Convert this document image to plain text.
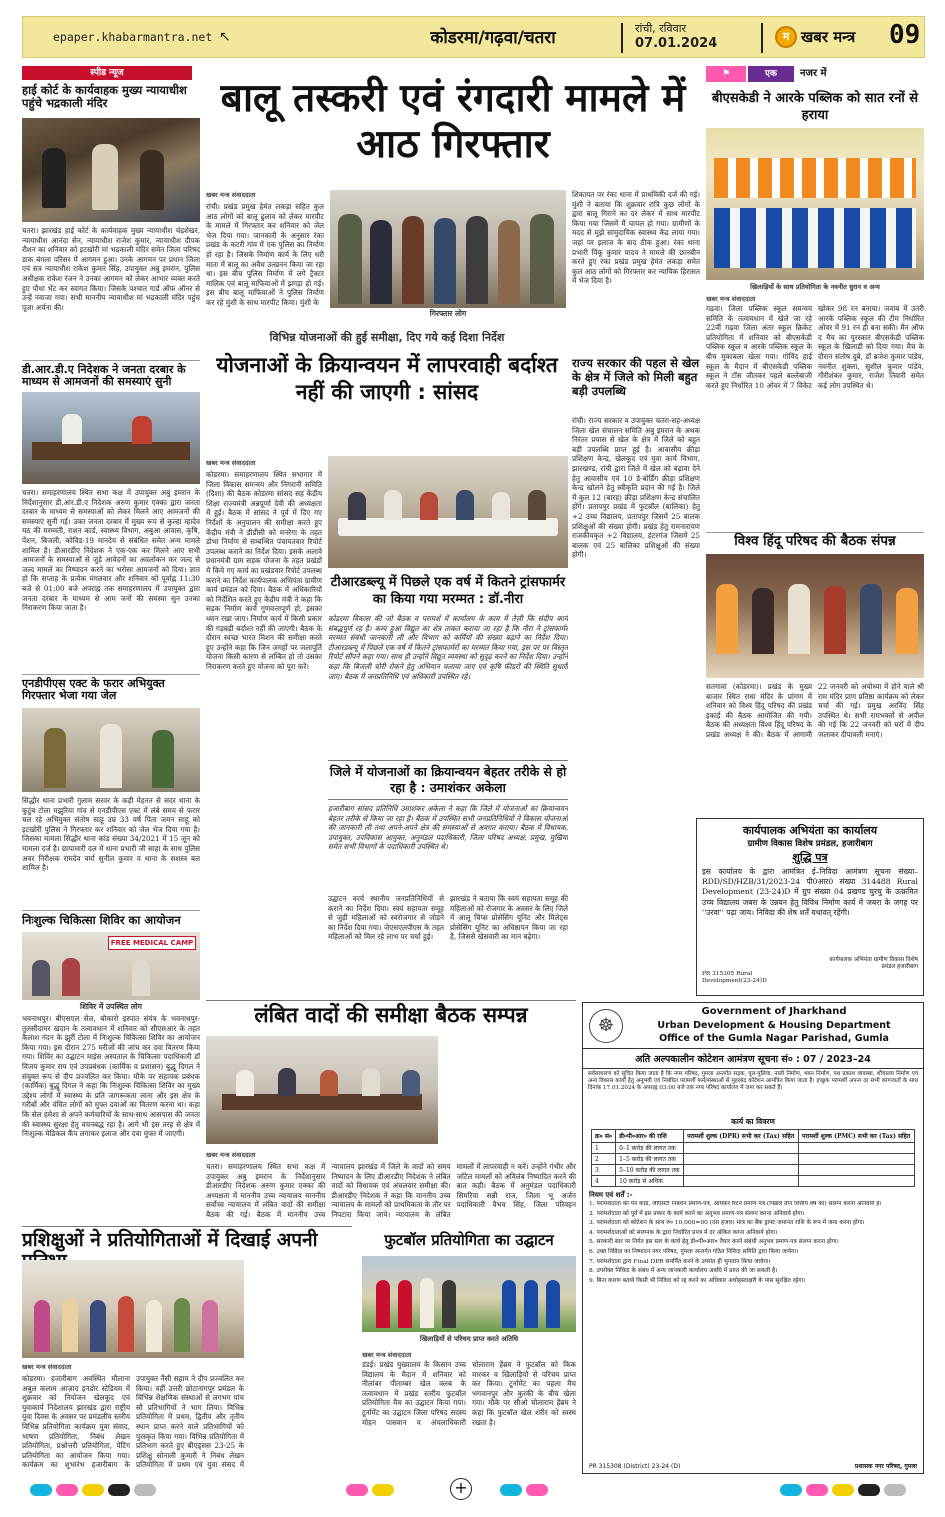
epaper.khabarmantra.net ↖	कोडरमा/गढ़वा/चतरा	रांची, रविवार
07.01.2024	म खबर मन्त्र 09
स्पीड न्यूज
हाई कोर्ट के कार्यवाहक मुख्य न्यायाधीश पहुंचे भद्रकाली मंदिर
चतरा। झारखंड हाई कोर्ट के कार्यवाहक मुख्य न्यायाधीश चंद्रशेखर, न्यायाधीश आनंदा सेन, न्यायाधीश राजेश कुमार, न्यायाधीश दीपक रौशन का शनिवार को इटखोरी मां भद्रकाली मंदिर समेत जिला परिषद डाक बंगला परिसर में आगमन हुआ। उनके आगमन पर प्रधान जिला एवं सत्र न्यायाधीश राकेश कुमार सिंह, उपायुक्त अबु इमरान, पुलिस अधीक्षक राकेश रंजन ने उनका आगमन को लेकर आभार व्यक्त करते हुए पौधा भेंट कर स्वागत किया। जिसके पश्चात गार्ड ऑफ ऑनर से उन्हें नवाजा गया। सभी माननीय न्यायाधीश मां भद्रकाली मंदिर पहुंच पूजा अर्चना की।
डी.आर.डी.ए निदेशक ने जनता दरबार के माध्यम से आमजनों की समस्याएं सुनी
चतरा। समाहरणालय स्थित सभा कक्ष में उपायुक्त अबु इमरान के निर्देशानुसार डी.आर.डी.ए निदेशक अरुण कुमार एक्का द्वारा जनता दरबार के माध्यम से समस्याओं को लेकर मिलने आए आमजनों की समस्याएं सुनी गई। उक्त जनता दरबार में मुख्य रूप से कुल्हा म्हादेव मठ की मरम्मती, राशन कार्ड, स्वास्थ्य विभाग, अबुआ आवास, कृषि, पेंशन, बिजली, कोविड-19 मानदेय से संबंधित समेत अन्य मामले शामिल है। डीआरडीए निदेशक ने एक-एक कर मिलने आए सभी आमजनों के समस्याओं से जुड़े आवेदनों का अवलोकन कर जल्द से जल्द मामले का निष्पादन करने का भरोसा आमजनों को दिया। ज्ञात हो कि सप्ताह के प्रत्येक मंगलवार और शनिवार को पूर्वाह्न 11:30 बजे से 01:00 बजे अपराह्न तक समाहरणालय में उपायुक्त द्वारा जनता दरबार के माध्यम से आम जनों की समस्या सुन उनका निराकरण किया जाता है।
एनडीपीएस एक्ट के फरार अभियुक्त गिरफ्तार भेजा गया जेल
सिद्धौर थाना प्रभारी गुलाम सरवर के कड़ी मेहनत से सदर थाना के कुटुंब टोला मझुरिया गांव से एनडीपीएस एक्ट में लंबे समय से फरार चल रहे अभियुक्त संतोष साहू उम्र 33 वर्ष पिता जमन साहू को इटखोरी पुलिस ने गिरफ्तार कर शनिवार को जेल भेज दिया गया है। जिसका मामला सिद्धौर थाना कांड संख्या 34/2021 में 15 जून को मामला दर्ज है। छापामारी दल में थाना प्रभारी जी साहा के साथ पुलिस अवर निरीक्षक रामदेव वर्मा सुनील कुमार व थाना के सशस्त्र बल शामिल है।
निःशुल्क चिकित्सा शिविर का आयोजन
FREE MEDICAL CAMP
शिविर में उपस्थित लोग
भवनाथपुर। बीएसएल सेल, बोकारो इस्पात संयंत्र के भवनाथपुर-तुलसीदामर खदान के तत्वावधान में शनिवार को सीएसआर के तहत कैलाश नंदन के झुर्री टोला में निःशुल्क चिकित्सा शिविर का आयोजन किया गया। इस दौरान 275 मरीजों की जांच कर दवा वितरण किया गया। शिविर का उद्घाटन माइंस अस्पताल के चिकित्सा पदाधिकारी डॉ विजय कुमार राय एवं उपप्रबंधक (कार्मिक व प्रशासन) बुद्धू दिगल ने संयुक्त रूप से दीप प्रज्वलित कर किया। मौके पर सहायक प्रबंधक (कार्मिक) बुद्धू दिगल ने कहा कि निःशुल्क चिकित्सा शिविर का मुख्य उद्देश्य लोगों में स्वास्थ्य के प्रति जागरूकता लाना और इस क्षेत्र के गरीबों और वंचित लोगों को मुफ्त दवाओं का वितरण करना था। कहा कि सेल हमेशा से अपने कर्मचारियों के साथ-साथ आसपास की जनता की स्वास्थ्य सुरक्षा हेतु वचनबद्ध रहा है। आगे भी इस तरह से क्षेत्र में निःशुल्क मेडिकल कैंप लगाकर इलाज और दवा मुफ्त में जाएगी।
बालू तस्करी एवं रंगदारी मामले में आठ गिरफ्तार
खबर मन्त्र संवाददाता
रांची। प्रखंड प्रमुख हेमंत लकड़ा सहित कुल आठ लोगों को बालू ढुलाव को लेकर मारपीट के मामले में गिरफ्तार कर शनिवार को जेल भेज दिया गया। जानकारी के अनुसार रंका प्रखंड के कटरी गांव में एक पुलिस का निर्माण हो रहा है। जिसके निर्माण कार्य के लिए धरी माता में बालू का अवैध उत्खनन किया जा रहा था। इस बीच पुलिस निर्माण में लगे ट्रैक्टर मालिक एवं बालू माफियाओं में झगड़ा हो गई। इस बीच बालू माफियाओं ने पुलिस निर्माण कर रहे मुंशी के साथ मारपीट किया। मुंशी के
गिरफ्तार लोग
शिकायत पर रंका थाना में प्राथमिकी दर्ज की गई। मुंशी ने बताया कि शुक्रवार रात्रि कुछ लोगों के द्वारा बालू गिराने का दर लेकर में साथ मारपीट किया गया जिसमें मैं घायल हो गया। ग्रामीणों के मदद से मुझे सामुदायिक स्वास्थ्य केंद्र लाया गया। जहां पर इलाज के बाद ठीक हुआ। रंका थाना प्रभारी पिंकू कुमार यादव ने मामले की छानबीन करते हुए रंका प्रखंड प्रमुख हेमंत लकड़ा समेत कुल आठ लोगों को गिरफ्तार कर न्यायिक हिरासत में भेज दिया है।
विभिन्न योजनाओं की हुई समीक्षा, दिए गये कई दिशा निर्देश
योजनाओं के क्रियान्वयन में लापरवाही बर्दाश्त नहीं की जाएगी : सांसद
खबर मन्त्र संवाददाता
कोडरमा। समाहरणालय स्थित सभागार में जिला विकास समन्वय और निगरानी समिति (दिशा) की बैठक कोडरमा सांसद सह केंद्रीय शिक्षा राज्यमंत्री अन्नपूर्णा देवी की अध्यक्षता में हुई। बैठक में सांसद ने पूर्व में दिए गए निर्देशों के अनुपालन की समीक्षा करते हुए केंद्रीय मंत्री ने डीडीसी को मनरेगा के तहत डोभा निर्माण से सम्बन्धित पंचायतवार रिपोर्ट उपलब्ध कराने का निर्देश दिया। इसके अलावे प्रधानमंत्री ग्राम सड़क योजना के तहत प्रखंडों में किये गए कार्य का प्रखंडवार रिपोर्ट उपलब्ध कराने का निर्देश कार्यपालक अभियंता ग्रामीण कार्य प्रमंडल को दिया। बैठक में अधिकारियों को निर्देशित करते हुए केंद्रीय मंत्री ने कहा कि सड़क निर्माण कार्य गुणवत्तापूर्ण हो, इसका ध्यान रखा जाए। निर्माण कार्य में किसी प्रकार की गड़बड़ी बर्दाश्त नहीं की जाएगी। बैठक के दौरान स्वच्छ भारत मिशन की समीक्षा करते हुए उन्होंने कहा कि जिन जगहों पर जलापूर्ति योजना किसी कारण से लम्बित हो तो उसका निराकरण करते हुए योजना को पूरा करें।
टीआरडब्ल्यू में पिछले एक वर्ष में कितने ट्रांसफार्मर का किया गया मरम्मत : डॉ.नीरा
कोडरमा विकास की जो बैठक व परामर्श में कार्यालय के काम में तेज़ी कि संदीप कार्य संबद्धपूर्ण रह है। कम्प हुआ विद्युत का शेत्र ताकत कराया जा रहा है कि नीरा ने ट्रांसफार्मर मरम्मत संबंधी जानकारी ली और विभाग को कर्मियों की संख्या बढ़ाने का निर्देश दिया। टीआरडब्ल्यू में पिछले एक वर्ष में कितने ट्रांसफार्मरों का मरम्मत किया गया, इस पर पर विस्तृत रिपोर्ट सौंपने कहा गया। साथ ही उन्होंने विद्युत व्यवस्था को सुदृढ़ करने का निर्देश दिया। उन्होंने कहा कि बिजली चोरी रोकने हेतु अभियान चलाया जाए एवं कृषि फीडरों की स्थिति सुधारी जाए। बैठक में जनप्रतिनिधि एवं अधिकारी उपस्थित रहे।
जिले में योजनाओं का क्रियान्वयन बेहतर तरीके से हो रहा है : उमाशंकर अकेला
हजारीबाग सांसद प्रतिनिधि उमाशंकर अकेला ने कहा कि जिले में योजनाओं का क्रियान्वयन बेहतर तरीके से किया जा रहा है। बैठक में उपस्थित सभी जनप्रतिनिधियों ने विकास योजनाओं की जानकारी ली तथा अपने-अपने क्षेत्र की समस्याओं से अवगत कराया। बैठक में विधायक, उपायुक्त, उपविकास आयुक्त, अनुमंडल पदाधिकारी, जिला परिषद अध्यक्ष, प्रमुख, मुखिया समेत सभी विभागों के पदाधिकारी उपस्थित थे।
उद्घाटन कार्य स्थानीय जनप्रतिनिधियों से कराने का निर्देश दिया। स्वयं सहायता समूह से जुड़ी महिलाओं को स्वरोजगार से जोड़ने का निर्देश दिया गया। जेएसएलपीएस के तहत महिलाओं को मिल रहे लाभ पर चर्चा हुई।
झारखंड ने बताया कि स्वयं सहायता समूह की महिलाओं को रोजगार के अवसर के लिए जिले में आलू चिप्स प्रोसेसिंग यूनिट और मिलेट्स प्रोसेसिंग यूनिट का अधिष्ठापन किया जा रहा है, जिससे खेसवारी का मान बढ़ेगा।
राज्य सरकार की पहल से खेल के क्षेत्र में जिले को मिली बहुत बड़ी उपलब्धि
रांची। राज्य सरकार व उपायुक्त चतरा-सह-अध्यक्ष जिला खेल संचालन समिति अबु इमरान के अथक निरंतर प्रयास से खेल के क्षेत्र में जिले को बहुत बड़ी उपलब्धि प्राप्त हुई है। आवासीय क्रीड़ा प्रशिक्षण केन्द्र, खेलकूद एवं युवा कार्य विभाग, झारखण्ड, रांची द्वारा जिले में खेल को बढ़ावा देने हेतु आवासीय एवं 10 डे-बोर्डिंग क्रीड़ा प्रशिक्षण केन्द्र खोलने हेतु स्वीकृति प्रदान की गई है। जिले में कुल 12 (बारह) क्रीड़ा प्रशिक्षण केन्द्र संचालित होंगे। प्रतापपुर प्रखंड में फुटबॉल (बालिका) हेतु +2 उच्च विद्यालय, प्रतापपुर जिसमें 25 बालक प्रशिक्षुओं की संख्या होगी। प्रखंड हेतु रामनारायण राजकीयकृत +2 विद्यालय, हंटरगंज जिसमें 25 बालक एवं 25 बालिका प्रशिक्षुओं की संख्या होगी।
⚑	एक	नजर में
बीएसकेडी ने आरके पब्लिक को सात रनों से हराया
खिलाड़ियों के साथ प्रतियोगिता के नवनीत धुरान व अन्य
खबर मन्त्र संवाददाता
गढ़वा। जिला पब्लिक स्कूल समन्वय समिति के तत्वावधान में खेले जा रहे 22वीं गढ़वा जिला अंतर स्कूल क्रिकेट प्रतियोगिता में शनिवार को बीएसकेडी पब्लिक स्कूल व आरके पब्लिक स्कूल के बीच मुकाबला खेला गया। गोविंद हाई स्कूल के मैदान में बीएसकेडी पब्लिक स्कूल ने टॉस जीतकर पहले बल्लेबाजी करते हुए निर्धारित 10 ओवर में 7 विकेट खोकर 98 रन बनाया। जवाब में उतरी आरके पब्लिक स्कूल की टीम निर्धारित ओवर में 91 रन ही बना सकी। मैन ऑफ द मैच का पुरस्कार बीएसकेडी पब्लिक स्कूल के खिलाड़ी को दिया गया। मैच के दौरान संतोष दुबे, डॉ ब्रजेश कुमार पांडेय, नवनीत शुक्ला, सुशील कुमार पांडेय, गौरीशंकर कुमार, राजेश तिवारी समेत कई लोग उपस्थित थे।
विश्व हिंदू परिषद की बैठक संपन्न
सतगावां (कोडरमा)। प्रखंड के मुख्य बाजार स्थित राधा मंदिर के प्रांगण में शनिवार को विश्व हिंदू परिषद की प्रखंड इकाई की बैठक आयोजित की गयी। बैठक की अध्यक्षता विश्व हिंदू परिषद के प्रखंड अध्यक्ष ने की। बैठक में आगामी 22 जनवरी को अयोध्या में होने वाले श्री राम मंदिर प्राण प्रतिष्ठा कार्यक्रम को लेकर चर्चा की गई। प्रमुख अरविंद सिंह उपस्थित थे। सभी रामभक्तों से अपील की गई कि 22 जनवरी को घरों में दीप जलाकर दीपावली मनाएं।
कार्यपालक अभियंता का कार्यालय
ग्रामीण विकास विशेष प्रमंडल, हजारीबाग
शुद्धि पत्र
इस कार्यालय के द्वारा आमंत्रित ई–निविदा आमंत्रण सूचना संख्या– RDD/SD/HZB/31/2023-24 पी0आर0 संख्या 314488 Rural Development (23-24)D में ग्रुप संख्या 04 प्रखण्ड चुरचु के उत्क्रमित उच्च विद्यालय जबरा के उन्नयन हेतु विविध निर्माण कार्य में जबरा के जगह पर ''उरवा'' पढ़ा जाय। निविदा की शेष शर्तें यथावत् रहेंगी।
कार्यपालक अभियंता ग्रामीण विकास विशेष प्रमंडल हजारीबाग
PR 315305 Rural Development(23-24)D
☸
Government of Jharkhand
Urban Development & Housing Department
Office of the Gumla Nagar Parishad, Gumla
अति अल्पकालीन कोटेशन आमंत्रण सूचना सं० : 07 / 2023–24
सर्वसाधारण को सूचित किया जाता है कि नगर परिषद, गुमला अन्तर्गत सड़क, पुल-पुलिया, नाली निर्माण, भवन निर्माण, पथ प्रकाश व्यवस्था, शौचालय निर्माण एवं अन्य विकास कार्यों हेतु अनुभवी एवं निबंधित परामर्शी फर्म/संस्थाओं से मुहरबंद कोटेशन आमंत्रित किया जाता है। इच्छुक परामर्शी अपना दर सभी कागजातों के साथ दिनांक 17.01.2024 के अपराह्न 03:00 बजे तक नगर परिषद कार्यालय में जमा कर सकते हैं।
कार्य का विवरण
क्र० सं०	डी०पी०आर० की राशि	परामर्शी शुल्क (DPR) सभी कर (Tax) सहित	परामर्शी शुल्क (PMC) सभी कर (Tax) सहित
1	0–1 करोड़ की लागत तक		
2	1–5 करोड़ की लागत तक		
3	5–10 करोड़ की लागत तक		
4	10 करोड़ से अधिक		
नियम एवं शर्तें :-
1. परामर्शदाता को पैन कार्ड, जीएसटी निबंधन प्रमाण-पत्र, आयकर रिटर्न प्रमाण-पत्र (पिछले तीन वित्तीय वर्ष का) संलग्न करना अनिवार्य है।
2. परामर्शदाता को पूर्व में इस प्रकार के कार्य करने का अनुभव प्रमाण-पत्र संलग्न करना अनिवार्य होगा।
3. परामर्शदाता को कोटेशन के साथ रु० 10,000=00 (दस हजार) मात्र का बैंक ड्राफ्ट जमानत राशि के रूप में जमा करना होगा।
4. परामर्शदाताओं को संलग्नक के द्वारा निर्धारित प्रपत्र में दर अंकित करना अनिवार्य होगा।
5. सरकारी स्तर पर निर्गत इस स्तर के कार्य हेतु डी०पी०आर० तैयार करने संबंधी अनुभव प्रमाण-पत्र संलग्न करना होगा।
6. उक्त निविदा का निष्पादन नगर परिषद, गुमला अन्तर्गत गठित निविदा समिति द्वारा किया जायेगा।
7. परामर्शदाता द्वारा Final DPR समर्पित करने के उपरांत ही भुगतान किया जायेगा।
8. उपरोक्त निविदा के संबंध में अन्य जानकारी कार्यालय अवधि में प्राप्त की जा सकती है।
9. बिना कारण बताये किसी भी निविदा को रद्द करने का अधिकार अधोहस्ताक्षरी के पास सुरक्षित रहेगा।
PR 315308 (District) 23-24 (D)	प्रशासक नगर परिषद, गुमला
लंबित वादों की समीक्षा बैठक सम्पन्न
खबर मन्त्र संवाददाता
चतरा। समाहरणालय स्थित सभा कक्ष में उपायुक्त अबु इमरान के निर्देशानुसार डीआरडीए निदेशक अरुण कुमार एक्का की अध्यक्षता में माननीय उच्च न्यायालय माननीय सर्वोच्च न्यायालय में लंबित वादों की समीक्षा बैठक की गई। बैठक में माननीय उच्च न्यायालय झारखंड में जिले के वादों को समय निष्पादन के लिए डीआरडीए निदेशक ने लंबित वादों को विधायक एवं अंचलवार समीक्षा की। डीआरडीए निदेशक ने कहा कि माननीय उच्च न्यायालय के मामलों को प्राथमिकता के तौर पर निपटारा किया जाये। न्यायालय के लंबित मामलों में लापरवाही न करें। उन्होंने गंभीर और जटिल मामलों को अविलंब निष्पादित करने की बात कही। बैठक में अनुमंडल पदाधिकारी सिमरिया सन्नी राज, जिला भू अर्जन पदाधिकारी वैभव सिंह, जिला परिवहन
प्रशिक्षुओं ने प्रतियोगिताओं में दिखाई अपनी
खबर मन्त्र संवाददाता
कोडरमा। हजारीबाग अवस्थित मौलाना अबुल कलाम आज़ाद इनडोर स्टेडियम में शुक्रवार को नियोजन खेलकूद एवं युवाकार्य निदेशालय झारखंड द्वारा राष्ट्रीय युवा दिवस के अवसर पर प्रमंडलीय स्तरीय विभिन्न प्रतियोगिता कार्यक्रम युवा संवाद, भाषण प्रतियोगिता, निबंध लेखन प्रतियोगिता, प्रश्नोत्तरी प्रतियोगिता, पेंटिंग प्रतियोगिता का आयोजन किया गया। कार्यक्रम का शुभारंभ हजारीबाग के उपायुक्त नैंसी सहाय ने दीप प्रज्वलित कर किया। वहीं उत्तरी छोटानागपुर प्रमंडल के विभिन्न शैक्षणिक संस्थाओं से लगभग पांच सौ प्रतिभागियों ने भाग लिया। विभिन्न प्रतियोगिता में प्रथम, द्वितीय और तृतीय स्थान प्राप्त करने वाले प्रतिभागियों को पुरस्कृत किया गया। विभिन्न प्रतियोगिता में प्रतिभाग करते हुए बीएड्सस 23-25 के प्रशिक्षु सोनाली कुमारी ने निबंध लेखन प्रतियोगिता में प्रथम एवं युवा संसद में
फुटबॉल प्रतियोगिता का उद्घाटन
खिलाड़ियों से परिचय प्राप्त करते अतिथि
खबर मन्त्र संवाददाता
डंडई। प्रखंड मुख्यालय के किसान उच्च विद्यालय के मैदान में शनिवार को नीलांबर पीताम्बर खेल क्लब के तत्वावधान में प्रखंड स्तरीय फुटबॉल प्रतियोगिता मैच का उद्घाटन किया गया। टूर्नामेंट का उद्घाटन जिला परिषद सदस्य मोहन पासवान व अंचलाधिकारी चोलाराम हेंब्रम ने फुटबॉल को किक मारकर व खिलाड़ियों से परिचय प्राप्त कर किया। टूर्नामेंट का पहला मैच भगवानपुर और कुरकी के बीच खेला गया। मौके पर सीओ चोलाराम हेंब्रम ने कहा कि फुटबॉल खेल शरीर को स्वस्थ रखता है।
+
